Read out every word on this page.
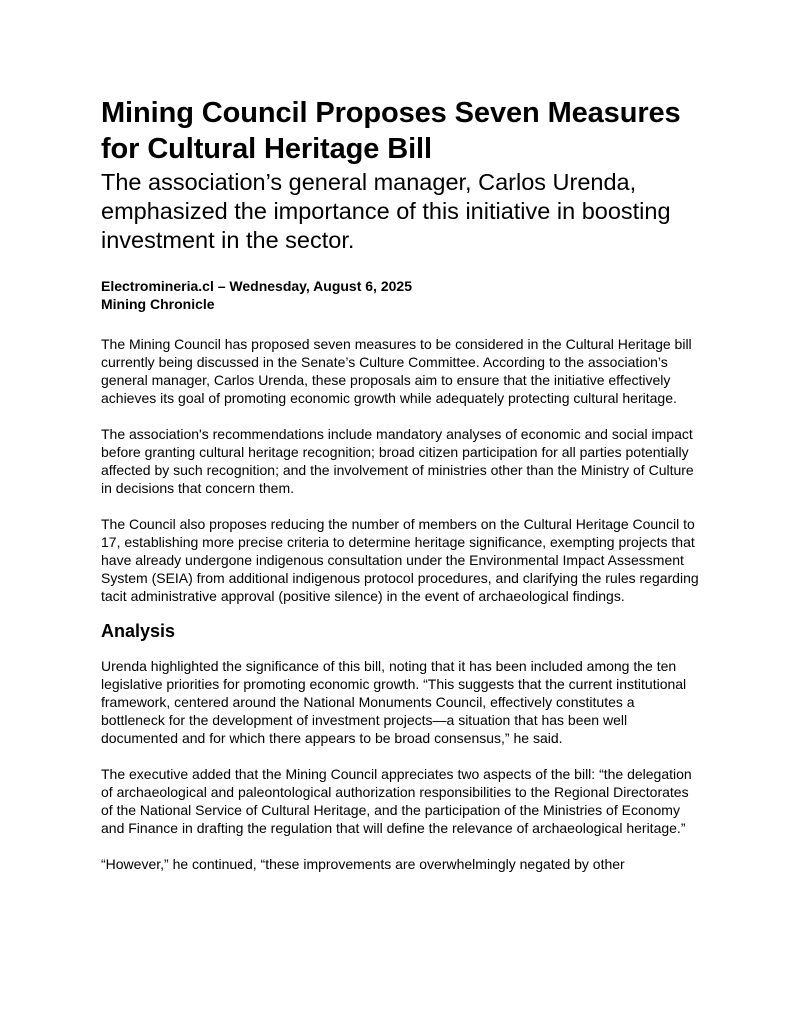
Mining Council Proposes Seven Measures for Cultural Heritage Bill
The association’s general manager, Carlos Urenda, emphasized the importance of this initiative in boosting investment in the sector.
Electromineria.cl – Wednesday, August 6, 2025
Mining Chronicle

The Mining Council has proposed seven measures to be considered in the Cultural Heritage bill currently being discussed in the Senate’s Culture Committee. According to the association’s general manager, Carlos Urenda, these proposals aim to ensure that the initiative effectively achieves its goal of promoting economic growth while adequately protecting cultural heritage.

The association's recommendations include mandatory analyses of economic and social impact before granting cultural heritage recognition; broad citizen participation for all parties potentially affected by such recognition; and the involvement of ministries other than the Ministry of Culture in decisions that concern them.

The Council also proposes reducing the number of members on the Cultural Heritage Council to 17, establishing more precise criteria to determine heritage significance, exempting projects that have already undergone indigenous consultation under the Environmental Impact Assessment System (SEIA) from additional indigenous protocol procedures, and clarifying the rules regarding tacit administrative approval (positive silence) in the event of archaeological findings.

Analysis

Urenda highlighted the significance of this bill, noting that it has been included among the ten legislative priorities for promoting economic growth. “This suggests that the current institutional framework, centered around the National Monuments Council, effectively constitutes a bottleneck for the development of investment projects—a situation that has been well documented and for which there appears to be broad consensus,” he said.

The executive added that the Mining Council appreciates two aspects of the bill: “the delegation of archaeological and paleontological authorization responsibilities to the Regional Directorates of the National Service of Cultural Heritage, and the participation of the Ministries of Economy and Finance in drafting the regulation that will define the relevance of archaeological heritage.”

“However,” he continued, “these improvements are overwhelmingly negated by other
